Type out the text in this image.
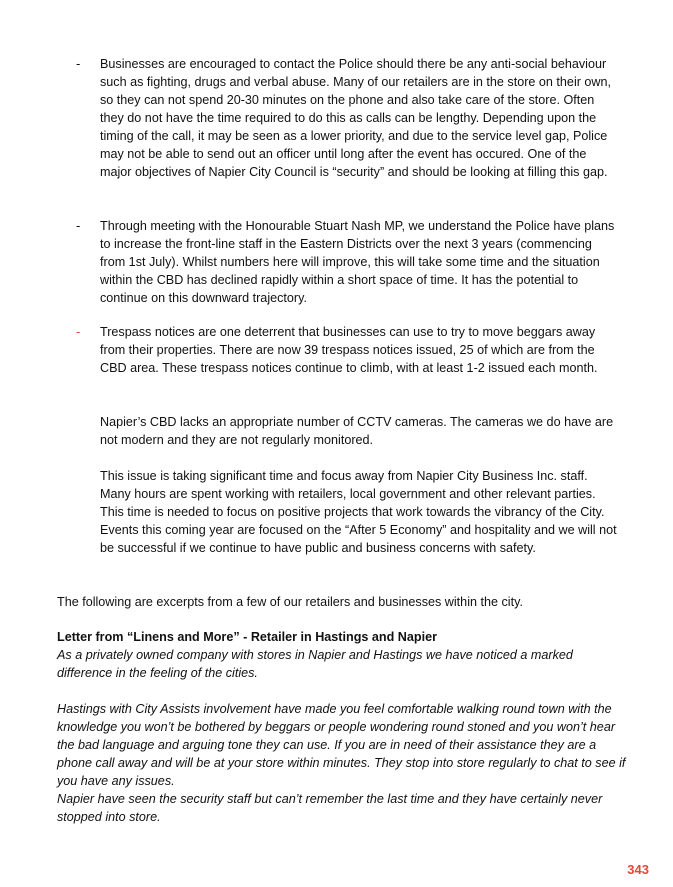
- Businesses are encouraged to contact the Police should there be any anti-social behaviour such as fighting, drugs and verbal abuse. Many of our retailers are in the store on their own, so they can not spend 20-30 minutes on the phone and also take care of the store. Often they do not have the time required to do this as calls can be lengthy. Depending upon the timing of the call, it may be seen as a lower priority, and due to the service level gap, Police may not be able to send out an officer until long after the event has occured. One of the major objectives of Napier City Council is “security” and should be looking at filling this gap.

- Through meeting with the Honourable Stuart Nash MP, we understand the Police have plans to increase the front-line staff in the Eastern Districts over the next 3 years (commencing from 1st July). Whilst numbers here will improve, this will take some time and the situation within the CBD has declined rapidly within a short space of time. It has the potential to continue on this downward trajectory.

- Trespass notices are one deterrent that businesses can use to try to move beggars away from their properties. There are now 39 trespass notices issued, 25 of which are from the CBD area. These trespass notices continue to climb, with at least 1-2 issued each month.

Napier’s CBD lacks an appropriate number of CCTV cameras. The cameras we do have are not modern and they are not regularly monitored.

This issue is taking significant time and focus away from Napier City Business Inc. staff. Many hours are spent working with retailers, local government and other relevant parties. This time is needed to focus on positive projects that work towards the vibrancy of the City. Events this coming year are focused on the “After 5 Economy” and hospitality and we will not be successful if we continue to have public and business concerns with safety.

The following are excerpts from a few of our retailers and businesses within the city.

Letter from “Linens and More” - Retailer in Hastings and Napier

As a privately owned company with stores in Napier and Hastings we have noticed a marked difference in the feeling of the cities.

Hastings with City Assists involvement have made you feel comfortable walking round town with the knowledge you won’t be bothered by beggars or people wondering round stoned and you won’t hear the bad language and arguing tone they can use. If you are in need of their assistance they are a phone call away and will be at your store within minutes. They stop into store regularly to chat to see if you have any issues.

Napier have seen the security staff but can’t remember the last time and they have certainly never stopped into store.

343
